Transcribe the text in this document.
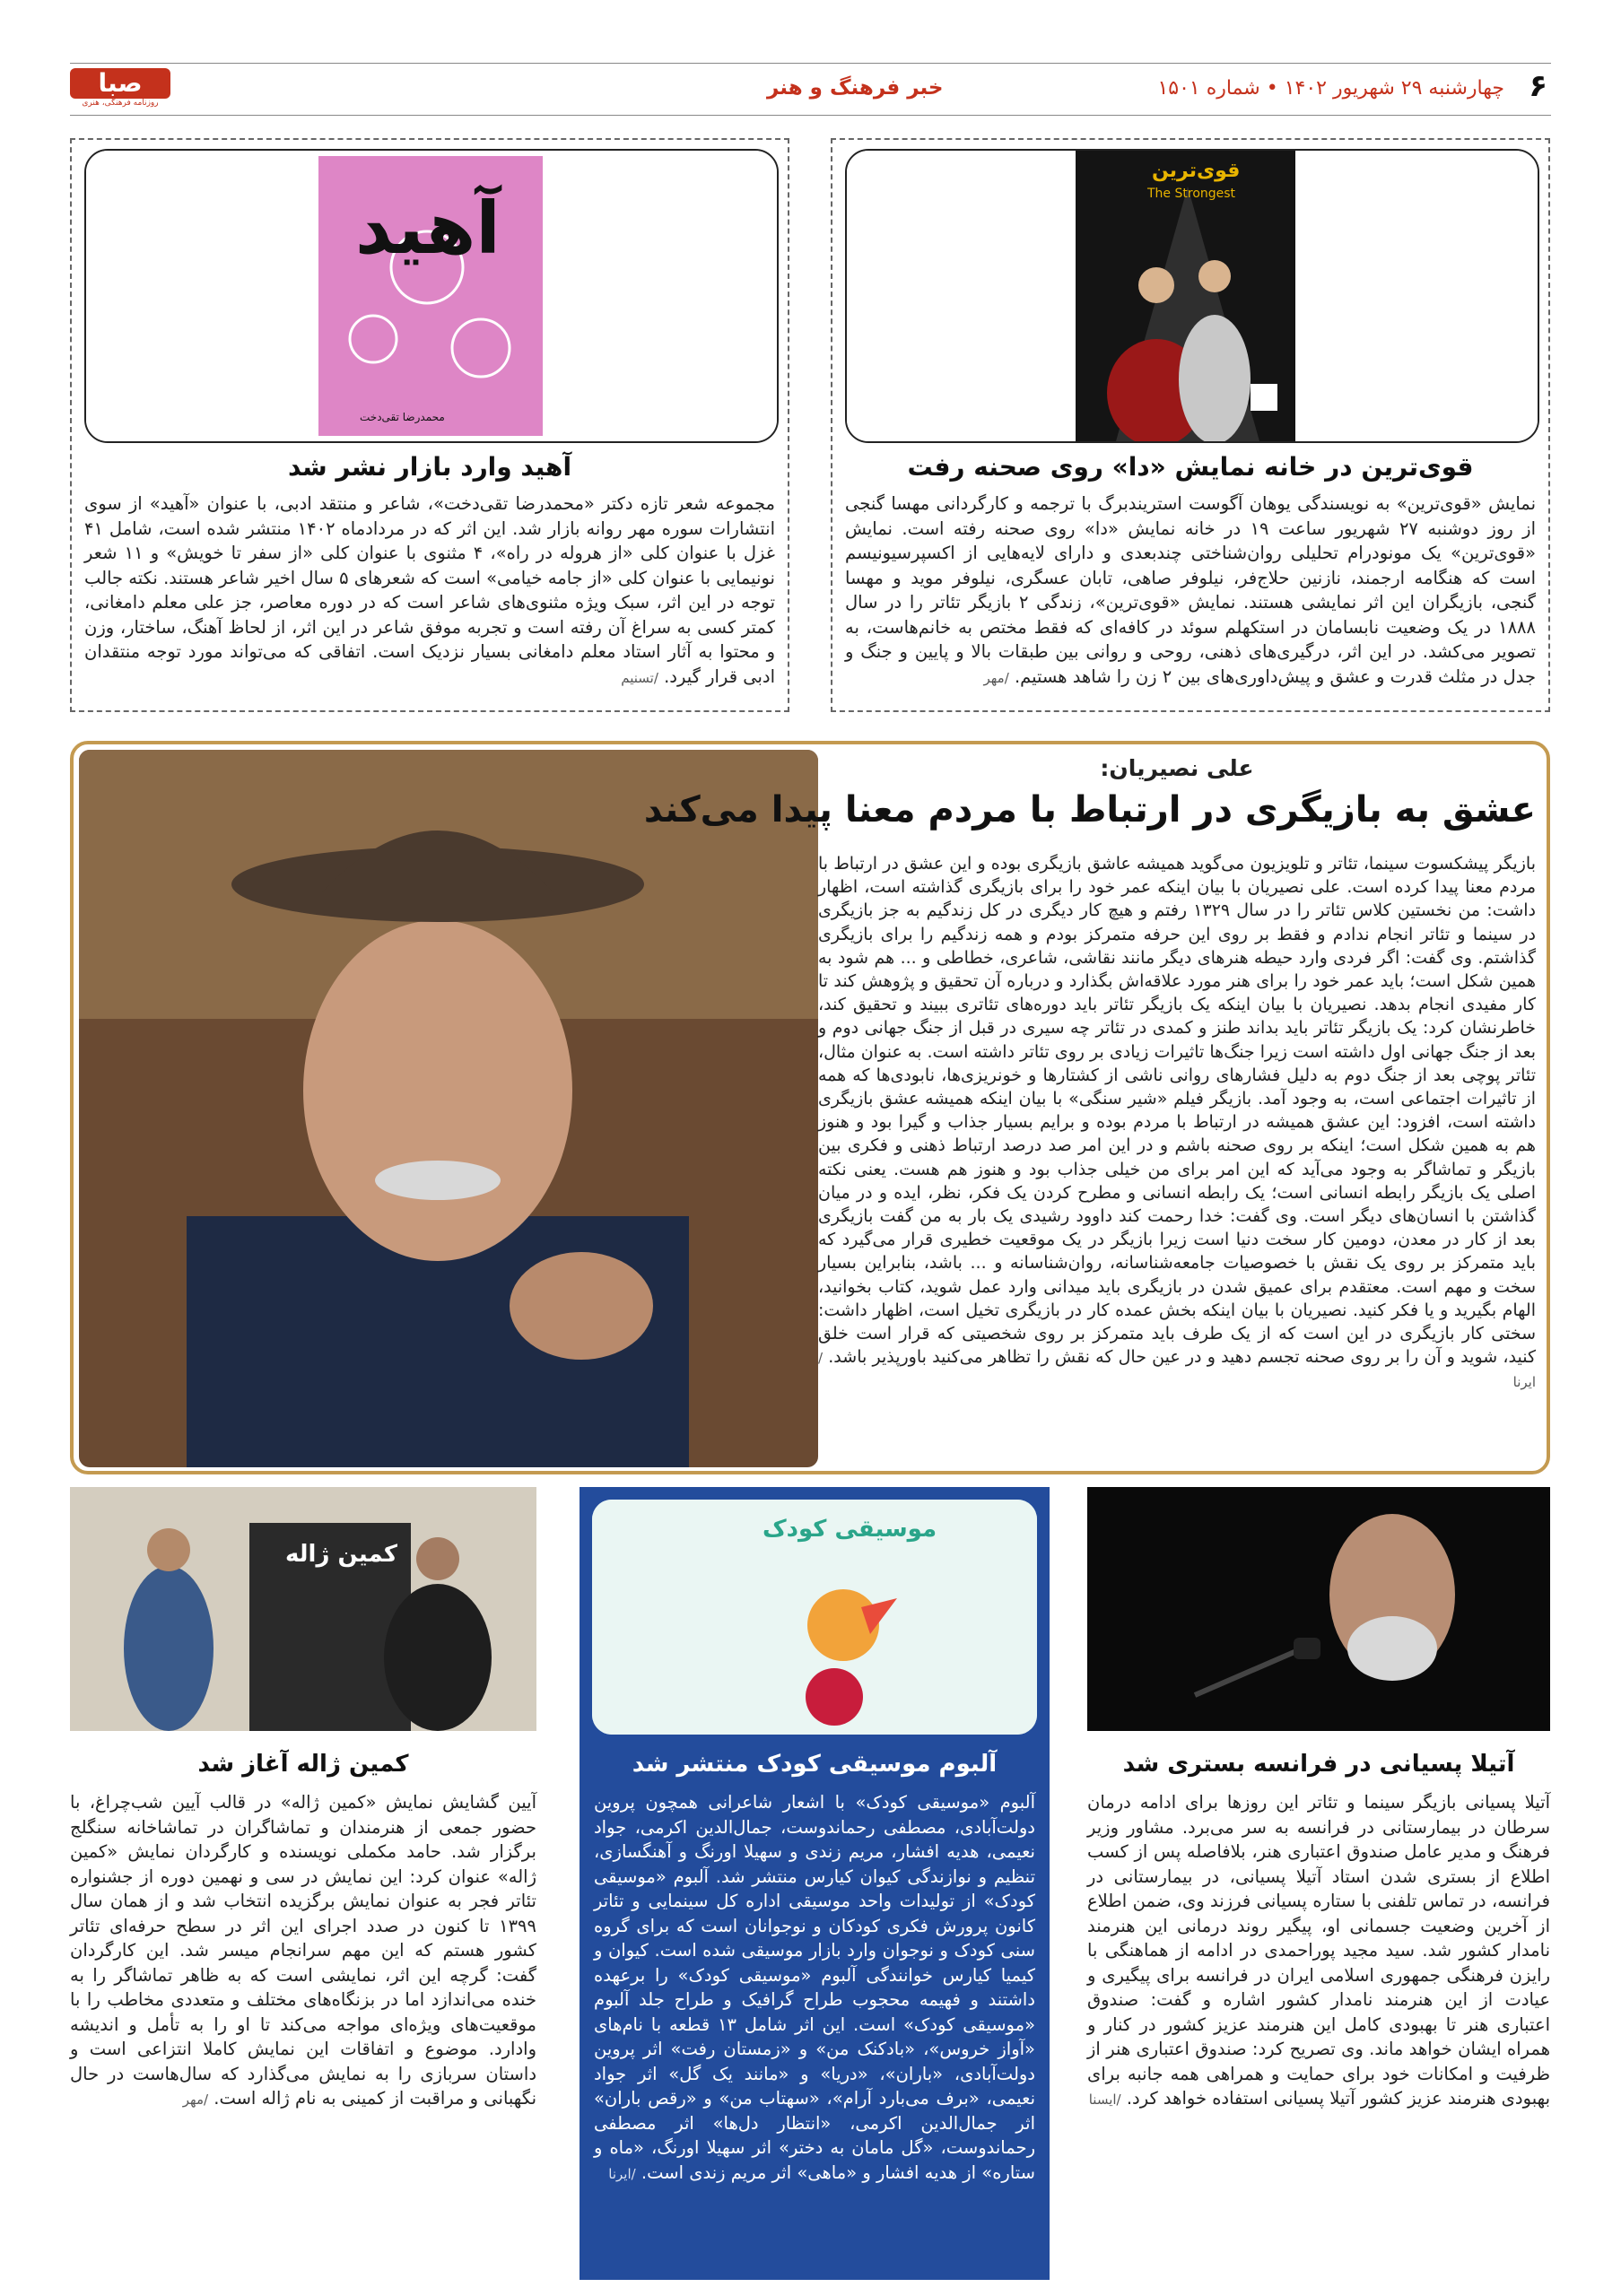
۶
چهارشنبه ۲۹ شهریور ۱۴۰۲ • شماره ۱۵۰۱
خبر فرهنگ و هنر
صبا
روزنامه فرهنگی، هنری
قوی‌ترین
The Strongest
قوی‌ترین در خانه نمایش «دا» روی صحنه رفت

نمایش «قوی‌ترین» به نویسندگی یوهان آگوست استریندبرگ با ترجمه و کارگردانی مهسا گنجی از روز دوشنبه ۲۷ شهریور ساعت ۱۹ در خانه نمایش «دا» روی صحنه رفته است. نمایش «قوی‌ترین» یک مونودرام تحلیلی روان‌شناختی چندبعدی و دارای لایه‌هایی از اکسپرسیونیسم است که هنگامه ارجمند، نازنین حلاج‌فر، نیلوفر صاهی، تابان عسگری، نیلوفر موید و مهسا گنجی، بازیگران این اثر نمایشی هستند. نمایش «قوی‌ترین»، زندگی ۲ بازیگر تئاتر را در سال ۱۸۸۸ در یک وضعیت نابسامان در استکهلم سوئد در کافه‌ای که فقط مختص به خانم‌هاست، به تصویر می‌کشد. در این اثر، درگیری‌های ذهنی، روحی و روانی بین طبقات بالا و پایین و جنگ و جدل در مثلث قدرت و عشق و پیش‌داوری‌های بین ۲ زن را شاهد هستیم. /مهر

آهید
محمدرضا تقی‌دخت
آهید وارد بازار نشر شد

مجموعه شعر تازه دکتر «محمدرضا تقی‌دخت»، شاعر و منتقد ادبی، با عنوان «آهید» از سوی انتشارات سوره مهر روانه بازار شد. این اثر که در مردادماه ۱۴۰۲ منتشر شده است، شامل ۴۱ غزل با عنوان کلی «از هروله در راه»، ۴ مثنوی با عنوان کلی «از سفر تا خویش» و ۱۱ شعر نونیمایی با عنوان کلی «از جامه خیامی» است که شعرهای ۵ سال اخیر شاعر هستند. نکته جالب توجه در این اثر، سبک ویژه مثنوی‌های شاعر است که در دوره معاصر، جز علی معلم دامغانی، کمتر کسی به سراغ آن رفته است و تجربه موفق شاعر در این اثر، از لحاظ آهنگ، ساختار، وزن و محتوا به آثار استاد معلم دامغانی بسیار نزدیک است. اتفاقی که می‌تواند مورد توجه منتقدان ادبی قرار گیرد. /تسنیم

علی نصیریان:
عشق به بازیگری در ارتباط با مردم معنا پیدا می‌کند

بازیگر پیشکسوت سینما، تئاتر و تلویزیون می‌گوید همیشه عاشق بازیگری بوده و این عشق در ارتباط با مردم معنا پیدا کرده است. علی نصیریان با بیان اینکه عمر خود را برای بازیگری گذاشته است، اظهار داشت: من نخستین کلاس تئاتر را در سال ۱۳۲۹ رفتم و هیچ کار دیگری در کل زندگیم به جز بازیگری در سینما و تئاتر انجام ندادم و فقط بر روی این حرفه متمرکز بودم و همه زندگیم را برای بازیگری گذاشتم. وی گفت: اگر فردی وارد حیطه هنرهای دیگر مانند نقاشی، شاعری، خطاطی و ... هم شود به همین شکل است؛ باید عمر خود را برای هنر مورد علاقه‌اش بگذارد و درباره آن تحقیق و پژوهش کند تا کار مفیدی انجام بدهد. نصیریان با بیان اینکه یک بازیگر تئاتر باید دوره‌های تئاتری ببیند و تحقیق کند، خاطرنشان کرد: یک بازیگر تئاتر باید بداند طنز و کمدی در تئاتر چه سیری در قبل از جنگ جهانی دوم و بعد از جنگ جهانی اول داشته است زیرا جنگ‌ها تاثیرات زیادی بر روی تئاتر داشته است. به عنوان مثال، تئاتر پوچی بعد از جنگ دوم به دلیل فشارهای روانی ناشی از کشتارها و خونریزی‌ها، نابودی‌ها که همه از تاثیرات اجتماعی است، به وجود آمد. بازیگر فیلم «شیر سنگی» با بیان اینکه همیشه عشق بازیگری داشته است، افزود: این عشق همیشه در ارتباط با مردم بوده و برایم بسیار جذاب و گیرا بود و هنوز هم به همین شکل است؛ اینکه بر روی صحنه باشم و در این امر صد درصد ارتباط ذهنی و فکری بین بازیگر و تماشاگر به وجود می‌آید که این امر برای من خیلی جذاب بود و هنوز هم هست. یعنی نکته اصلی یک بازیگر رابطه انسانی است؛ یک رابطه انسانی و مطرح کردن یک فکر، نظر، ایده و در میان گذاشتن با انسان‌های دیگر است. وی گفت: خدا رحمت کند داوود رشیدی یک بار به من گفت بازیگری بعد از کار در معدن، دومین کار سخت دنیا است زیرا بازیگر در یک موقعیت خطیری قرار می‌گیرد که باید متمرکز بر روی یک نقش با خصوصیات جامعه‌شناسانه، روان‌شناسانه و ... باشد، بنابراین بسیار سخت و مهم است. معتقدم برای عمیق شدن در بازیگری باید میدانی وارد عمل شوید، کتاب بخوانید، الهام بگیرید و یا فکر کنید. نصیریان با بیان اینکه بخش عمده کار در بازیگری تخیل است، اظهار داشت: سختی کار بازیگری در این است که از یک طرف باید متمرکز بر روی شخصیتی که قرار است خلق کنید، شوید و آن را بر روی صحنه تجسم دهید و در عین حال که نقش را تظاهر می‌کنید باورپذیر باشد. /ایرنا

آتیلا پسیانی در فرانسه بستری شد

آتیلا پسیانی بازیگر سینما و تئاتر این روزها برای ادامه درمان سرطان در بیمارستانی در فرانسه به سر می‌برد. مشاور وزیر فرهنگ و مدیر عامل صندوق اعتباری هنر، بلافاصله پس از کسب اطلاع از بستری شدن استاد آتیلا پسیانی، در بیمارستانی در فرانسه، در تماس تلفنی با ستاره پسیانی فرزند وی، ضمن اطلاع از آخرین وضعیت جسمانی او، پیگیر روند درمانی این هنرمند نامدار کشور شد. سید مجید پوراحمدی در ادامه از هماهنگی با رایزن فرهنگی جمهوری اسلامی ایران در فرانسه برای پیگیری و عیادت از این هنرمند نامدار کشور اشاره و گفت: صندوق اعتباری هنر تا بهبودی کامل این هنرمند عزیز کشور در کنار و همراه ایشان خواهد ماند. وی تصریح کرد: صندوق اعتباری هنر از ظرفیت و امکانات خود برای حمایت و همراهی همه جانبه برای بهبودی هنرمند عزیز کشور آتیلا پسیانی استفاده خواهد کرد. /ایسنا

موسیقی کودک
آلبوم موسیقی کودک منتشر شد

آلبوم «موسیقی کودک» با اشعار شاعرانی همچون پروین دولت‌آبادی، مصطفی رحماندوست، جمال‌الدین اکرمی، جواد نعیمی، هدیه افشار، مریم زندی و سهیلا اورنگ و آهنگسازی، تنظیم و نوازندگی کیوان کیارس منتشر شد. آلبوم «موسیقی کودک» از تولیدات واحد موسیقی اداره کل سینمایی و تئاتر کانون پرورش فکری کودکان و نوجوانان است که برای گروه سنی کودک و نوجوان وارد بازار موسیقی شده است. کیوان و کیمیا کیارس خوانندگی آلبوم «موسیقی کودک» را برعهده داشتند و فهیمه محجوب طراح گرافیک و طراح جلد آلبوم «موسیقی کودک» است. این اثر شامل ۱۳ قطعه با نام‌های «آواز خروس»، «بادکنک من» و «زمستان رفت» اثر پروین دولت‌آبادی، «باران»، «دریا» و «مانند یک گل» اثر جواد نعیمی، «برف می‌بارد آرام»، «سهتاب من» و «رقص باران» اثر جمال‌الدین اکرمی، «انتظار دل‌ها» اثر مصطفی رحماندوست، «گل مامان به دختر» اثر سهیلا اورنگ، «ماه و ستاره» از هدیه افشار و «ماهی» اثر مریم زندی است. /ایرنا

کمین ژاله
کمین ژاله آغاز شد

آیین گشایش نمایش «کمین ژاله» در قالب آیین شب‌چراغ، با حضور جمعی از هنرمندان و تماشاگران در تماشاخانه سنگلج برگزار شد. حامد مکملی نویسنده و کارگردان نمایش «کمین ژاله» عنوان کرد: این نمایش در سی و نهمین دوره از جشنواره تئاتر فجر به عنوان نمایش برگزیده انتخاب شد و از همان سال ۱۳۹۹ تا کنون در صدد اجرای این اثر در سطح حرفه‌ای تئاتر کشور هستم که این مهم سرانجام میسر شد. این کارگردان گفت: گرچه این اثر، نمایشی است که به ظاهر تماشاگر را به خنده می‌اندازد اما در بزنگاه‌های مختلف و متعددی مخاطب را با موقعیت‌های ویژه‌ای مواجه می‌کند تا او را به تأمل و اندیشه وادارد. موضوع و اتفاقات این نمایش کاملا انتزاعی است و داستان سربازی را به نمایش می‌گذارد که سال‌هاست در حال نگهبانی و مراقبت از کمینی به نام ژاله است. /مهر
